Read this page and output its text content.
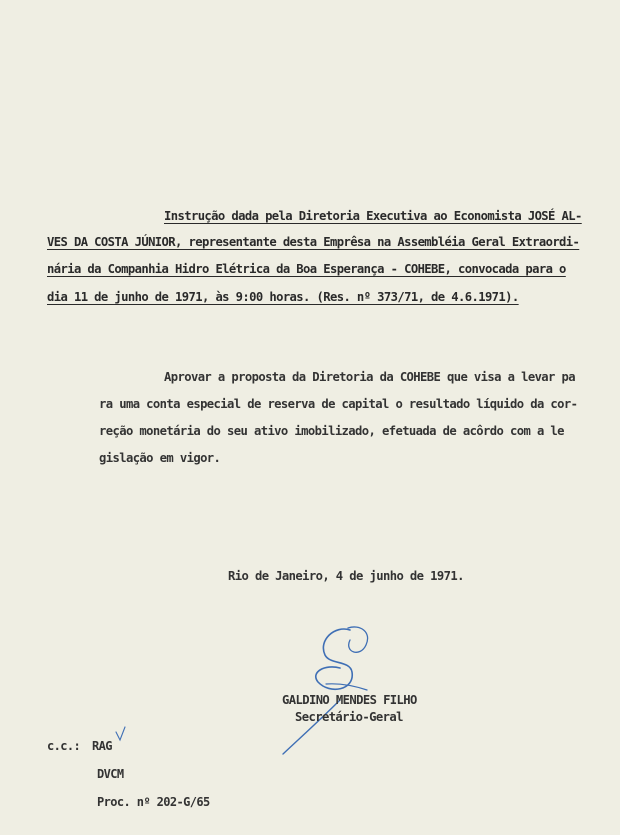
Instrução dada pela Diretoria Executiva ao Economista JOSÉ AL-
VES DA COSTA JÚNIOR, representante desta Emprêsa na Assembléia Geral Extraordi-
nária da Companhia Hidro Elétrica da Boa Esperança - COHEBE, convocada para o
dia 11 de junho de 1971, às 9:00 horas. (Res. nº 373/71, de 4.6.1971).
Aprovar a proposta da Diretoria da COHEBE que visa a levar pa
ra uma conta especial de reserva de capital o resultado líquido da cor-
reção monetária do seu ativo imobilizado, efetuada de acôrdo com a le
gislação em vigor.
Rio de Janeiro, 4 de junho de 1971.
GALDINO MENDES FILHO
Secretário-Geral
c.c.: RAG
DVCM
Proc. nº 202-G/65
